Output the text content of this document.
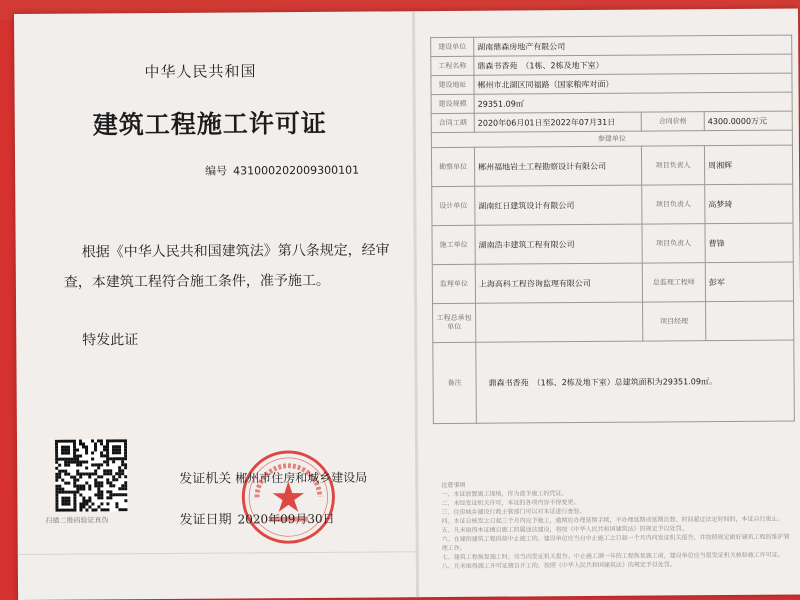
中华人民共和国
建筑工程施工许可证
编号 431000202009300101
根据《中华人民共和国建筑法》第八条规定，经审
查，本建筑工程符合施工条件，准予施工。
特发此证
扫描二维码验证真伪
发证机关 郴州市住房和城乡建设局
发证日期 2020年09月30日
建设单位	湖南鼎森房地产有限公司		
工程名称	鼎森书香苑　（1栋、2栋及地下室）		
建设地址	郴州市北湖区同福路（国家粮库对面）		
建设规模	29351.09㎡		
合同工期	2020年06月01日至2022年07月31日	合同价格	4300.0000万元
参建单位			
勘察单位	郴州福地岩土工程勘察设计有限公司	项目负责人	周湘辉
设计单位	湖南红日建筑设计有限公司	项目负责人	高梦琦
施工单位	湖南浩丰建筑工程有限公司	项目负责人	曹锋
监理单位	上海高科工程咨询监理有限公司	总监理工程师	彭军
工程总承包单位		项目经理	
备注	鼎森书香苑　（1栋、2栋及地下室）总建筑面积为29351.09㎡。		
注意事项
一、本证放置施工现场，作为准予施工的凭证。
二、未经发证机关许可，本证的各项内容不得变更。
三、住房城乡建设行政主管部门可以对本证进行查验。
四、本证自核发之日起三个月内应予施工，逾期应办理延期手续，不办理延期或延期次数、时间超过法定时间的，本证自行废止。
五、凡未取得本证擅自施工的属违法建设，将按《中华人民共和国建筑法》的规定予以处罚。
六、在建的建筑工程因故中止施工的，建设单位应当自中止施工之日起一个月内向发证机关报告，并按照规定做好建筑工程的维护管理工作。
七、建筑工程恢复施工时，应当向发证机关报告。中止施工满一年的工程恢复施工前，建设单位应当报发证机关核验施工许可证。
八、凡未取得施工许可证擅自开工的，按照《中华人民共和国建筑法》的规定予以处罚。
